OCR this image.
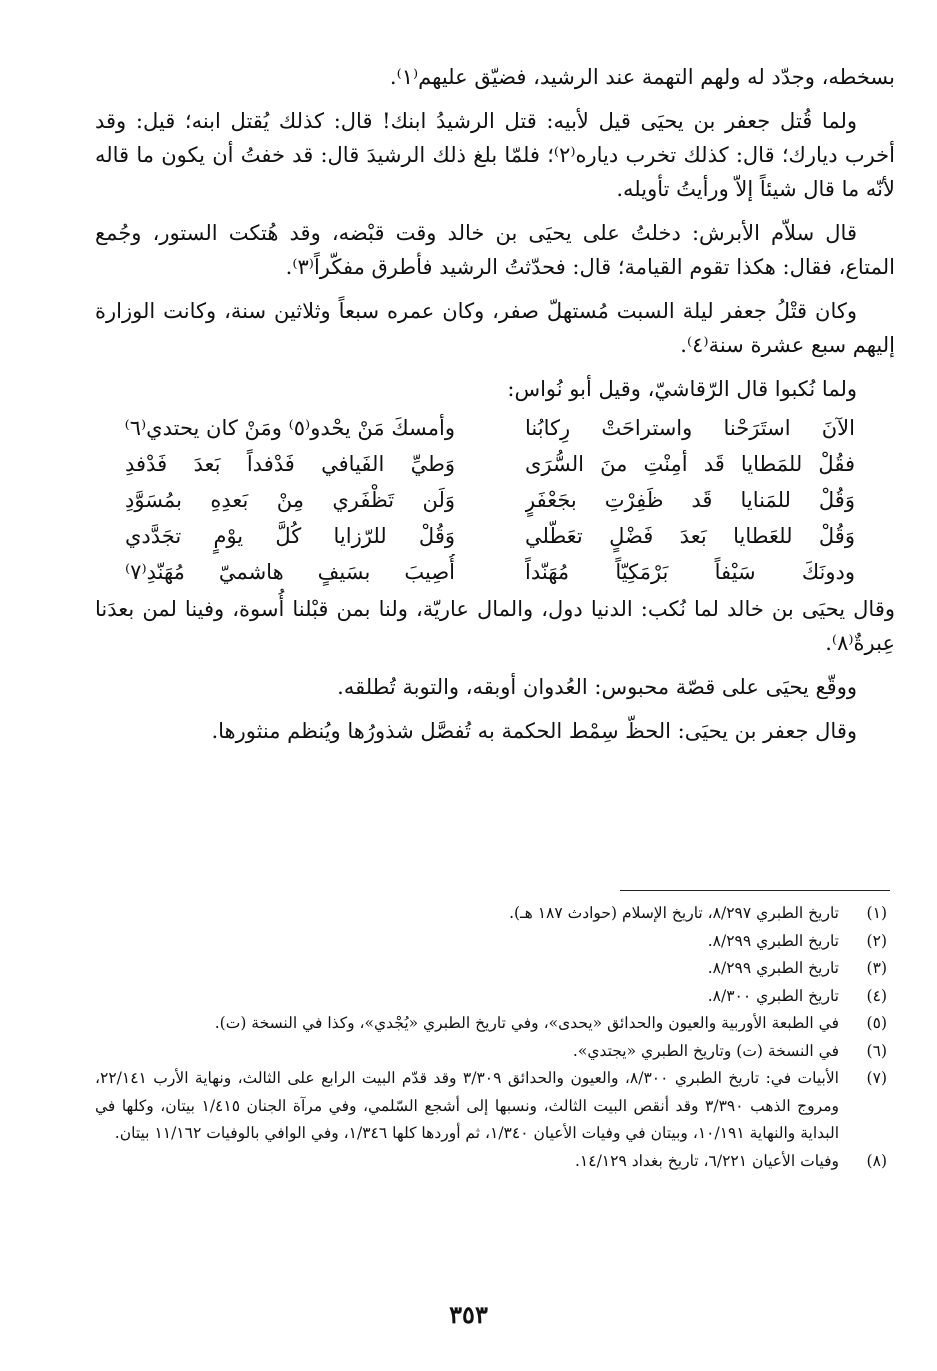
بسخطه، وجدّد له ولهم التهمة عند الرشيد، فضيّق عليهم⁽١⁾.

ولما قُتل جعفر بن يحيَى قيل لأبيه: قتل الرشيدُ ابنك! قال: كذلك يُقتل ابنه؛ قيل: وقد أخرب ديارك؛ قال: كذلك تخرب دياره⁽٢⁾؛ فلمّا بلغ ذلك الرشيدَ قال: قد خفتُ أن يكون ما قاله لأنّه ما قال شيئاً إلاّ ورأيتُ تأويله.

قال سلاّم الأبرش: دخلتُ على يحيَى بن خالد وقت قبْضه، وقد هُتكت الستور، وجُمع المتاع، فقال: هكذا تقوم القيامة؛ قال: فحدّثتُ الرشيد فأطرق مفكّراً⁽٣⁾.

وكان قتْلُ جعفر ليلة السبت مُستهلّ صفر، وكان عمره سبعاً وثلاثين سنة، وكانت الوزارة إليهم سبع عشرة سنة⁽٤⁾.

ولما نُكبوا قال الرّقاشيّ، وقيل أبو نُواس:

الآنَ استَرَحْنا واستراحَتْ رِكابُنا
وأمسكَ مَنْ يحْدو⁽٥⁾ ومَنْ كان يحتدي⁽٦⁾
فقُلْ للمَطايا قَد أمِنْتِ منَ السُّرَى
وَطيِّ الفَيافي فَدْفداً بَعدَ فَدْفدِ
وَقُلْ للمَنايا قَد ظَفِرْتِ بجَعْفَرٍ
وَلَن تَظْفَري مِنْ بَعدِهِ بمُسَوَّدِ
وَقُلْ للعَطايا بَعدَ فَضْلٍ تعَطّلي
وَقُلْ للرّزايا كُلَّ يوْمٍ تجَدَّدي
ودونَكَ سَيْفاً بَرْمَكِيّاً مُهَنّداً
أُصِيبَ بسَيفٍ هاشميّ مُهَنّدِ⁽٧⁾

وقال يحيَى بن خالد لما نُكب: الدنيا دول، والمال عاريّة، ولنا بمن قبْلنا أُسوة، وفينا لمن بعدَنا عِبرةٌ⁽٨⁾.

ووقّع يحيَى على قصّة محبوس: العُدوان أوبقه، والتوبة تُطلقه.

وقال جعفر بن يحيَى: الحظّ سِمْط الحكمة به تُفصَّل شذورُها ويُنظم منثورها.

(١)
تاريخ الطبري ٨/٢٩٧، تاريخ الإسلام (حوادث ١٨٧ هـ).
(٢)
تاريخ الطبري ٨/٢٩٩.
(٣)
تاريخ الطبري ٨/٢٩٩.
(٤)
تاريخ الطبري ٨/٣٠٠.
(٥)
في الطبعة الأوربية والعيون والحدائق «يحدى»، وفي تاريخ الطبري «يُجْدي»، وكذا في النسخة (ت).
(٦)
في النسخة (ت) وتاريخ الطبري «يجتدي».
(٧)
الأبيات في: تاريخ الطبري ٨/٣٠٠، والعيون والحدائق ٣/٣٠٩ وقد قدّم البيت الرابع على الثالث، ونهاية الأرب ٢٢/١٤١، ومروج الذهب ٣/٣٩٠ وقد أنقص البيت الثالث، ونسبها إلى أشجع السّلمي، وفي مرآة الجنان ١/٤١٥ بيتان، وكلها في البداية والنهاية ١٠/١٩١، وبيتان في وفيات الأعيان ١/٣٤٠، ثم أوردها كلها ١/٣٤٦، وفي الوافي بالوفيات ١١/١٦٢ بيتان.
(٨)
وفيات الأعيان ٦/٢٢١، تاريخ بغداد ١٤/١٢٩.
٣٥٣
